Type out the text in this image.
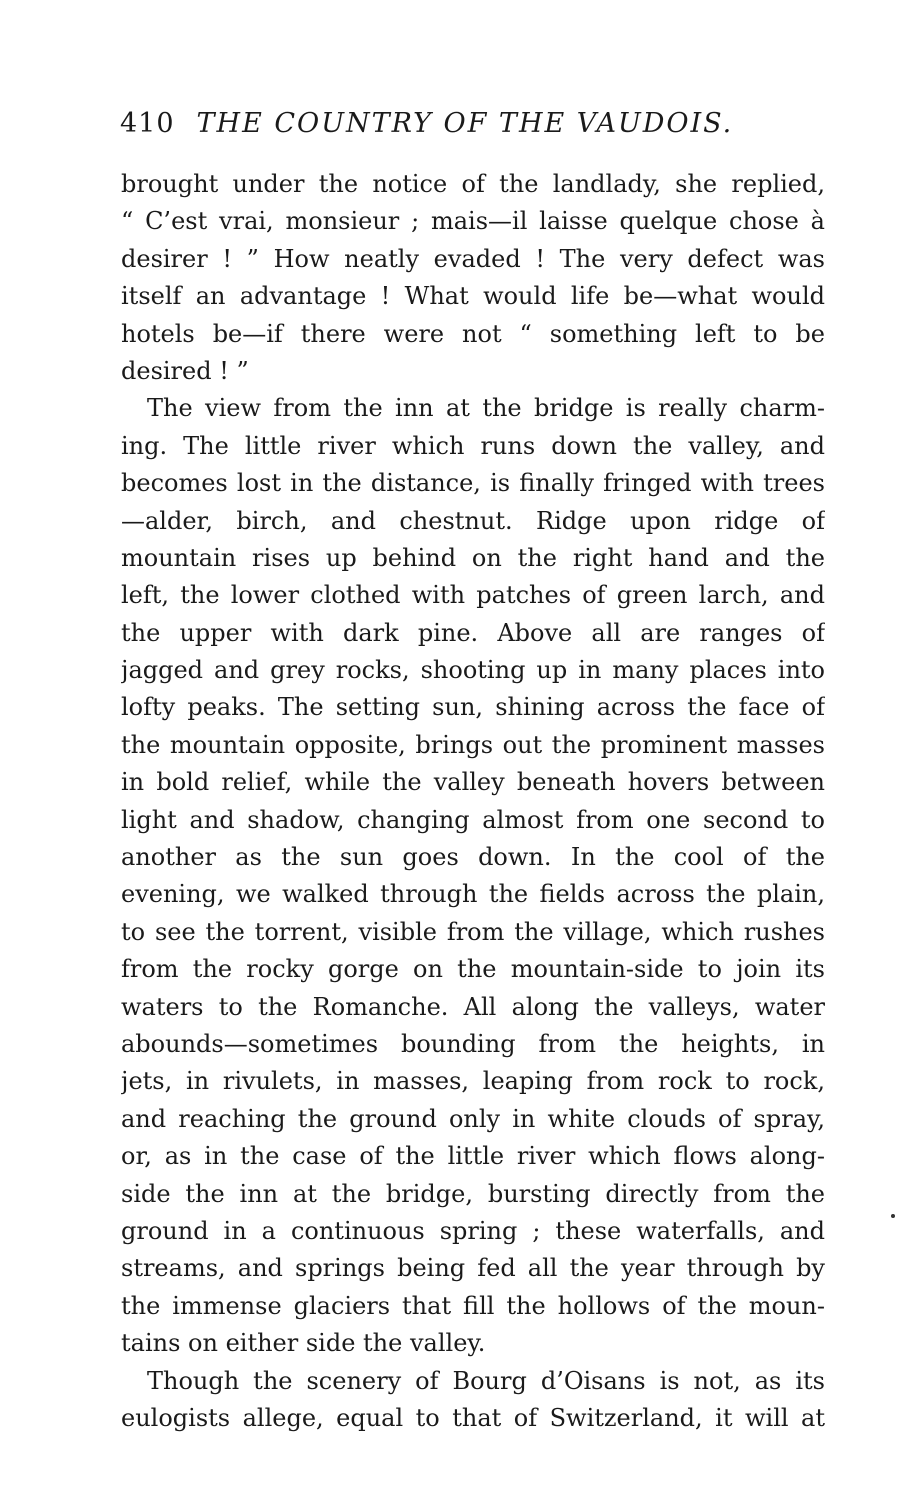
410 THE COUNTRY OF THE VAUDOIS.
brought under the notice of the landlady, she replied,
“ C’est vrai, monsieur ; mais—il laisse quelque chose à
desirer ! ” How neatly evaded ! The very defect was
itself an advantage ! What would life be—what would
hotels be—if there were not “ something left to be
desired ! ”
The view from the inn at the bridge is really charm-
ing. The little river which runs down the valley, and
becomes lost in the distance, is finally fringed with trees
—alder, birch, and chestnut. Ridge upon ridge of
mountain rises up behind on the right hand and the
left, the lower clothed with patches of green larch, and
the upper with dark pine. Above all are ranges of
jagged and grey rocks, shooting up in many places into
lofty peaks. The setting sun, shining across the face of
the mountain opposite, brings out the prominent masses
in bold relief, while the valley beneath hovers between
light and shadow, changing almost from one second to
another as the sun goes down. In the cool of the
evening, we walked through the fields across the plain,
to see the torrent, visible from the village, which rushes
from the rocky gorge on the mountain-side to join its
waters to the Romanche. All along the valleys, water
abounds—sometimes bounding from the heights, in
jets, in rivulets, in masses, leaping from rock to rock,
and reaching the ground only in white clouds of spray,
or, as in the case of the little river which flows along-
side the inn at the bridge, bursting directly from the
ground in a continuous spring ; these waterfalls, and
streams, and springs being fed all the year through by
the immense glaciers that fill the hollows of the moun-
tains on either side the valley.
Though the scenery of Bourg d’Oisans is not, as its
eulogists allege, equal to that of Switzerland, it will at
